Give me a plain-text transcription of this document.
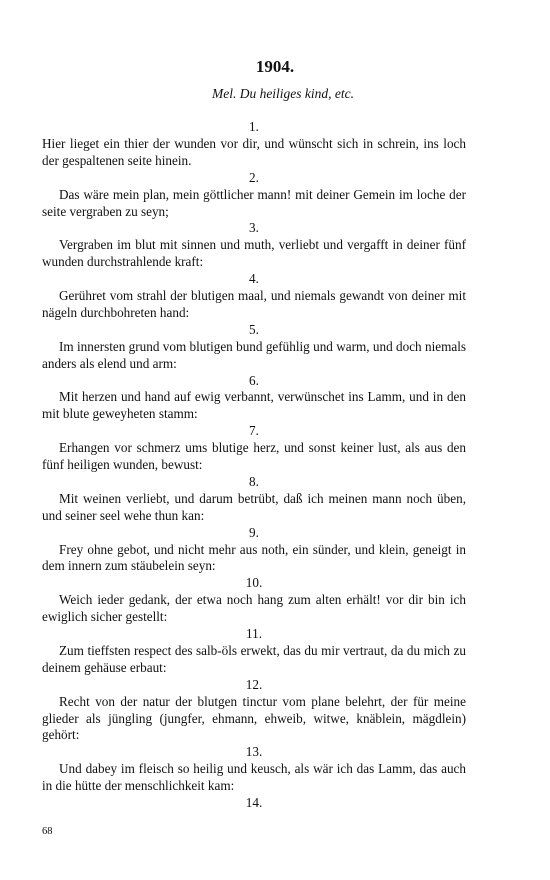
1904.
Mel. Du heiliges kind, etc.
1.
Hier lieget ein thier der wunden vor dir, und wünscht sich in schrein, ins loch der gespaltenen seite hinein.
2.
Das wäre mein plan, mein göttlicher mann! mit deiner Gemein im loche der seite vergraben zu seyn;
3.
Vergraben im blut mit sinnen und muth, verliebt und vergafft in deiner fünf wunden durchstrahlende kraft:
4.
Gerühret vom strahl der blutigen maal, und niemals gewandt von deiner mit nägeln durchbohreten hand:
5.
Im innersten grund vom blutigen bund gefühlig und warm, und doch niemals anders als elend und arm:
6.
Mit herzen und hand auf ewig verbannt, verwünschet ins Lamm, und in den mit blute geweyheten stamm:
7.
Erhangen vor schmerz ums blutige herz, und sonst keiner lust, als aus den fünf heiligen wunden, bewust:
8.
Mit weinen verliebt, und darum betrübt, daß ich meinen mann noch üben, und seiner seel wehe thun kan:
9.
Frey ohne gebot, und nicht mehr aus noth, ein sünder, und klein, geneigt in dem innern zum stäubelein seyn:
10.
Weich ieder gedank, der etwa noch hang zum alten erhält! vor dir bin ich ewiglich sicher gestellt:
11.
Zum tieffsten respect des salb-öls erwekt, das du mir vertraut, da du mich zu deinem gehäuse erbaut:
12.
Recht von der natur der blutgen tinctur vom plane belehrt, der für meine glieder als jüngling (jungfer, ehmann, ehweib, witwe, knäblein, mägdlein) gehört:
13.
Und dabey im fleisch so heilig und keusch, als wär ich das Lamm, das auch in die hütte der menschlichkeit kam:
14.
68
